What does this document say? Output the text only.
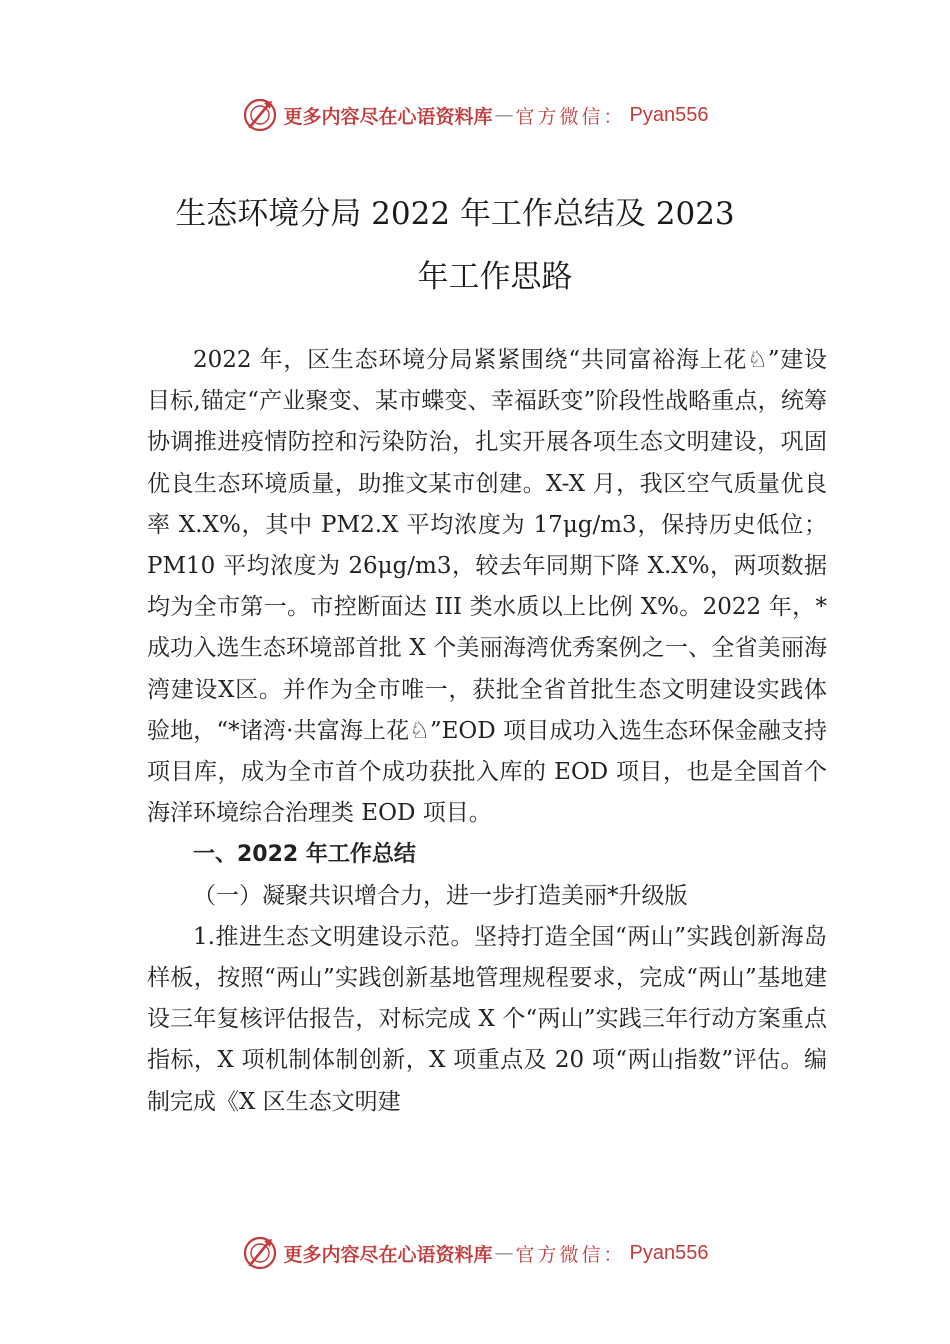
更多内容尽在心语资料库 — 官方微信： Pyan556
生态环境分局 2022 年工作总结及 2023
年工作思路

2022 年，区生态环境分局紧紧围绕“共同富裕海上花♘”建设目标,锚定“产业聚变、某市蝶变、幸福跃变”阶段性战略重点，统筹协调推进疫情防控和污染防治，扎实开展各项生态文明建设，巩固优良生态环境质量，助推文某市创建。X-X 月，我区空气质量优良率 X.X%，其中 PM2.X 平均浓度为 17μg/m3，保持历史低位；PM10 平均浓度为 26μg/m3，较去年同期下降 X.X%，两项数据均为全市第一。市控断面达 III 类水质以上比例 X%。2022 年，*成功入选生态环境部首批 X 个美丽海湾优秀案例之一、全省美丽海湾建设Ⅹ区。并作为全市唯一，获批全省首批生态文明建设实践体验地，“*诸湾·共富海上花♘”EOD 项目成功入选生态环保金融支持项目库，成为全市首个成功获批入库的 EOD 项目，也是全国首个海洋环境综合治理类 EOD 项目。

一、2022 年工作总结

（一）凝聚共识增合力，进一步打造美丽*升级版

1.推进生态文明建设示范。坚持打造全国“两山”实践创新海岛样板，按照“两山”实践创新基地管理规程要求，完成“两山”基地建设三年复核评估报告，对标完成 X 个“两山”实践三年行动方案重点指标，X 项机制体制创新，X 项重点及 20 项“两山指数”评估。编制完成《X 区生态文明建

更多内容尽在心语资料库 — 官方微信： Pyan556
